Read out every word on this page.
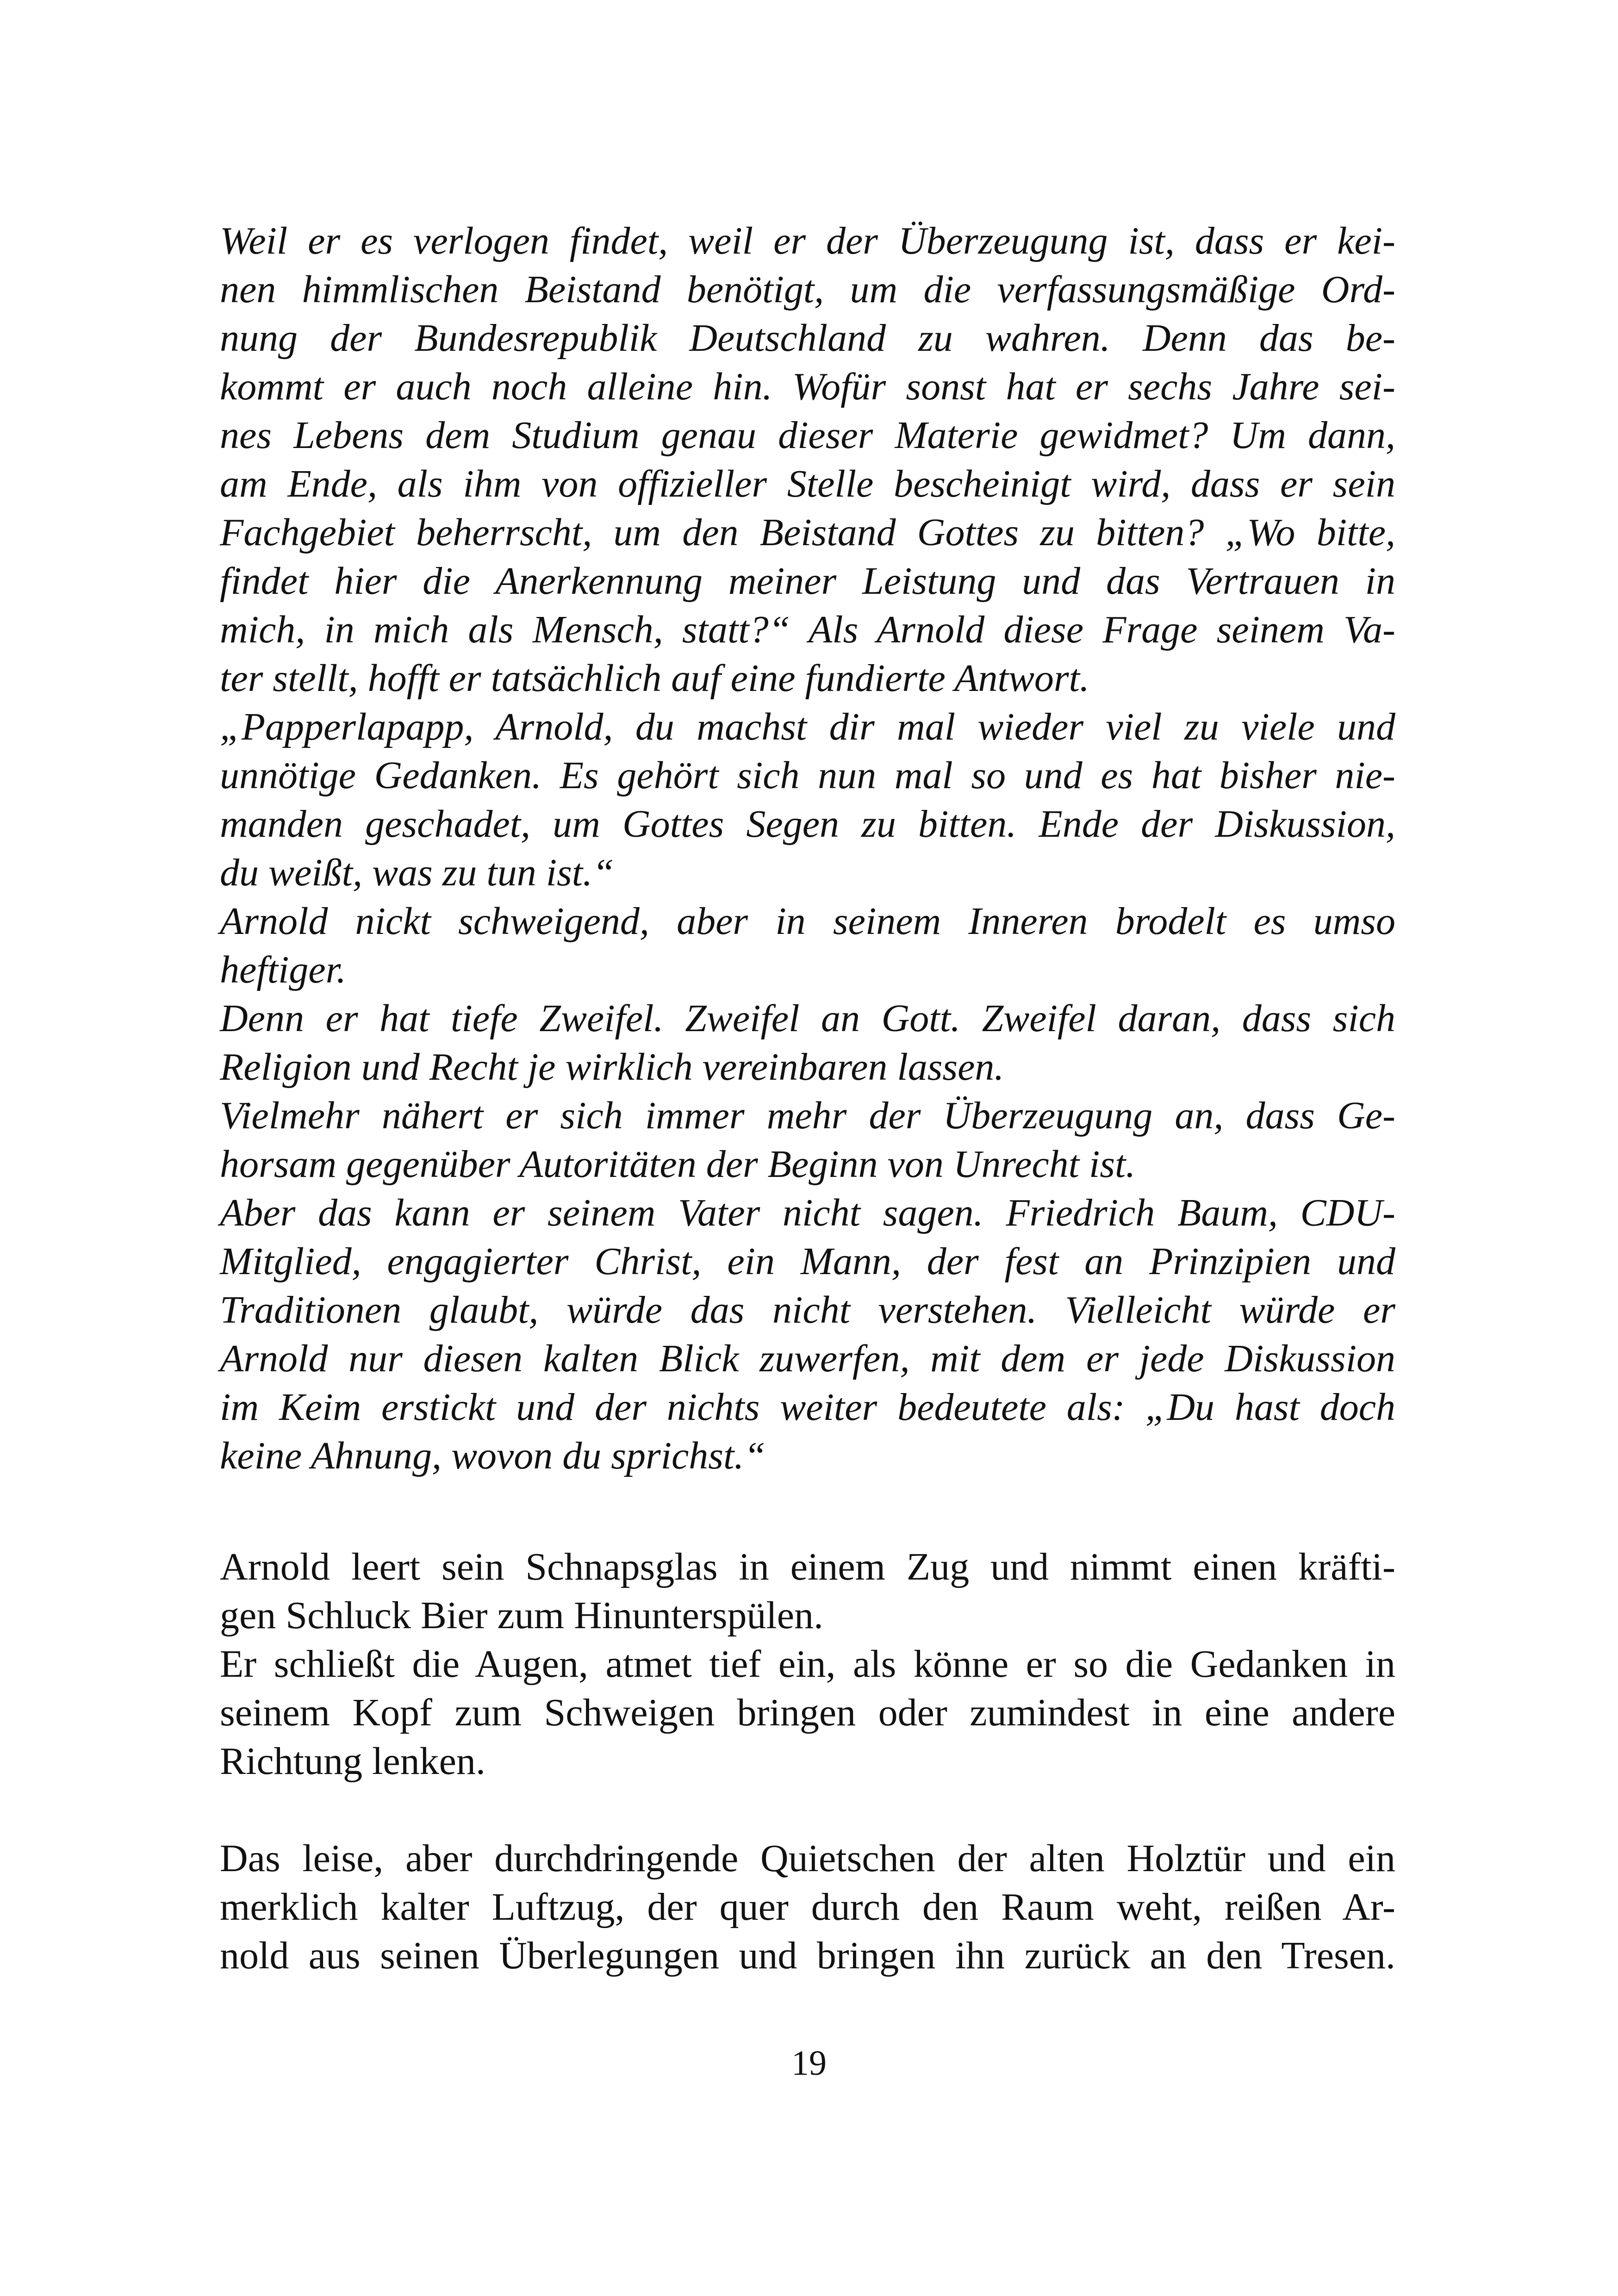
Weil er es verlogen findet, weil er der Überzeugung ist, dass er kei-
nen himmlischen Beistand benötigt, um die verfassungsmäßige Ord-
nung der Bundesrepublik Deutschland zu wahren. Denn das be-
kommt er auch noch alleine hin. Wofür sonst hat er sechs Jahre sei-
nes Lebens dem Studium genau dieser Materie gewidmet? Um dann,
am Ende, als ihm von offizieller Stelle bescheinigt wird, dass er sein
Fachgebiet beherrscht, um den Beistand Gottes zu bitten? „Wo bitte,
findet hier die Anerkennung meiner Leistung und das Vertrauen in
mich, in mich als Mensch, statt?“ Als Arnold diese Frage seinem Va-
ter stellt, hofft er tatsächlich auf eine fundierte Antwort.
„Papperlapapp, Arnold, du machst dir mal wieder viel zu viele und
unnötige Gedanken. Es gehört sich nun mal so und es hat bisher nie-
manden geschadet, um Gottes Segen zu bitten. Ende der Diskussion,
du weißt, was zu tun ist.“
Arnold nickt schweigend, aber in seinem Inneren brodelt es umso
heftiger.
Denn er hat tiefe Zweifel. Zweifel an Gott. Zweifel daran, dass sich
Religion und Recht je wirklich vereinbaren lassen.
Vielmehr nähert er sich immer mehr der Überzeugung an, dass Ge-
horsam gegenüber Autoritäten der Beginn von Unrecht ist.
Aber das kann er seinem Vater nicht sagen. Friedrich Baum, CDU-
Mitglied, engagierter Christ, ein Mann, der fest an Prinzipien und
Traditionen glaubt, würde das nicht verstehen. Vielleicht würde er
Arnold nur diesen kalten Blick zuwerfen, mit dem er jede Diskussion
im Keim erstickt und der nichts weiter bedeutete als: „Du hast doch
keine Ahnung, wovon du sprichst.“
Arnold leert sein Schnapsglas in einem Zug und nimmt einen kräfti-
gen Schluck Bier zum Hinunterspülen.
Er schließt die Augen, atmet tief ein, als könne er so die Gedanken in
seinem Kopf zum Schweigen bringen oder zumindest in eine andere
Richtung lenken.
Das leise, aber durchdringende Quietschen der alten Holztür und ein
merklich kalter Luftzug, der quer durch den Raum weht, reißen Ar-
nold aus seinen Überlegungen und bringen ihn zurück an den Tresen.
19
